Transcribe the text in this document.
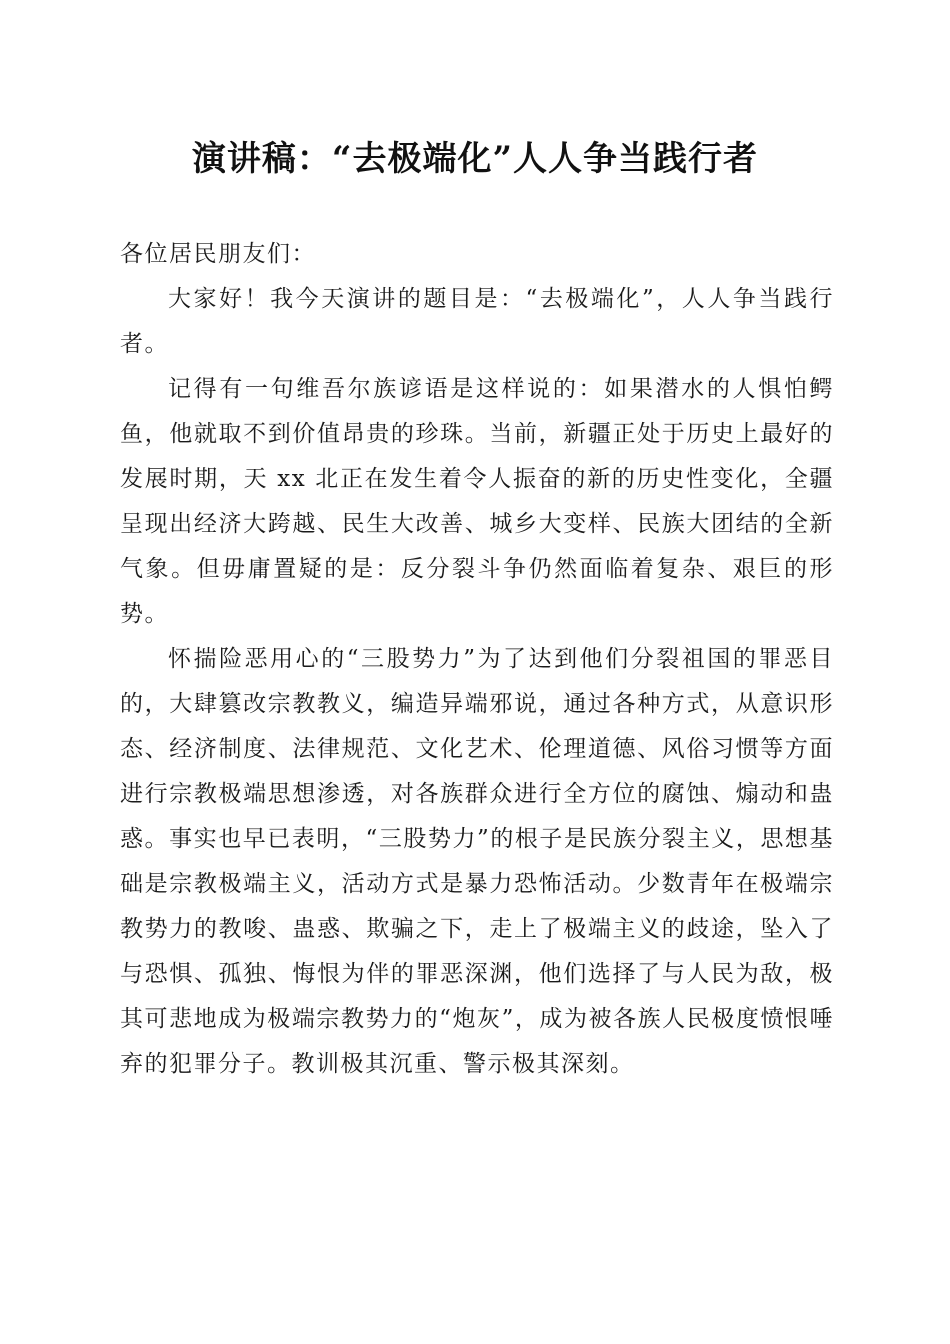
演讲稿：“去极端化”人人争当践行者

各位居民朋友们：

大家好！我今天演讲的题目是：“去极端化”，人人争当践行者。

记得有一句维吾尔族谚语是这样说的：如果潜水的人惧怕鳄鱼，他就取不到价值昂贵的珍珠。当前，新疆正处于历史上最好的发展时期，天 xx 北正在发生着令人振奋的新的历史性变化，全疆呈现出经济大跨越、民生大改善、城乡大变样、民族大团结的全新气象。但毋庸置疑的是：反分裂斗争仍然面临着复杂、艰巨的形势。

怀揣险恶用心的“三股势力”为了达到他们分裂祖国的罪恶目的，大肆篡改宗教教义，编造异端邪说，通过各种方式，从意识形态、经济制度、法律规范、文化艺术、伦理道德、风俗习惯等方面进行宗教极端思想渗透，对各族群众进行全方位的腐蚀、煽动和蛊惑。事实也早已表明，“三股势力”的根子是民族分裂主义，思想基础是宗教极端主义，活动方式是暴力恐怖活动。少数青年在极端宗教势力的教唆、蛊惑、欺骗之下，走上了极端主义的歧途，坠入了与恐惧、孤独、悔恨为伴的罪恶深渊，他们选择了与人民为敌，极其可悲地成为极端宗教势力的“炮灰”，成为被各族人民极度愤恨唾弃的犯罪分子。教训极其沉重、警示极其深刻。
